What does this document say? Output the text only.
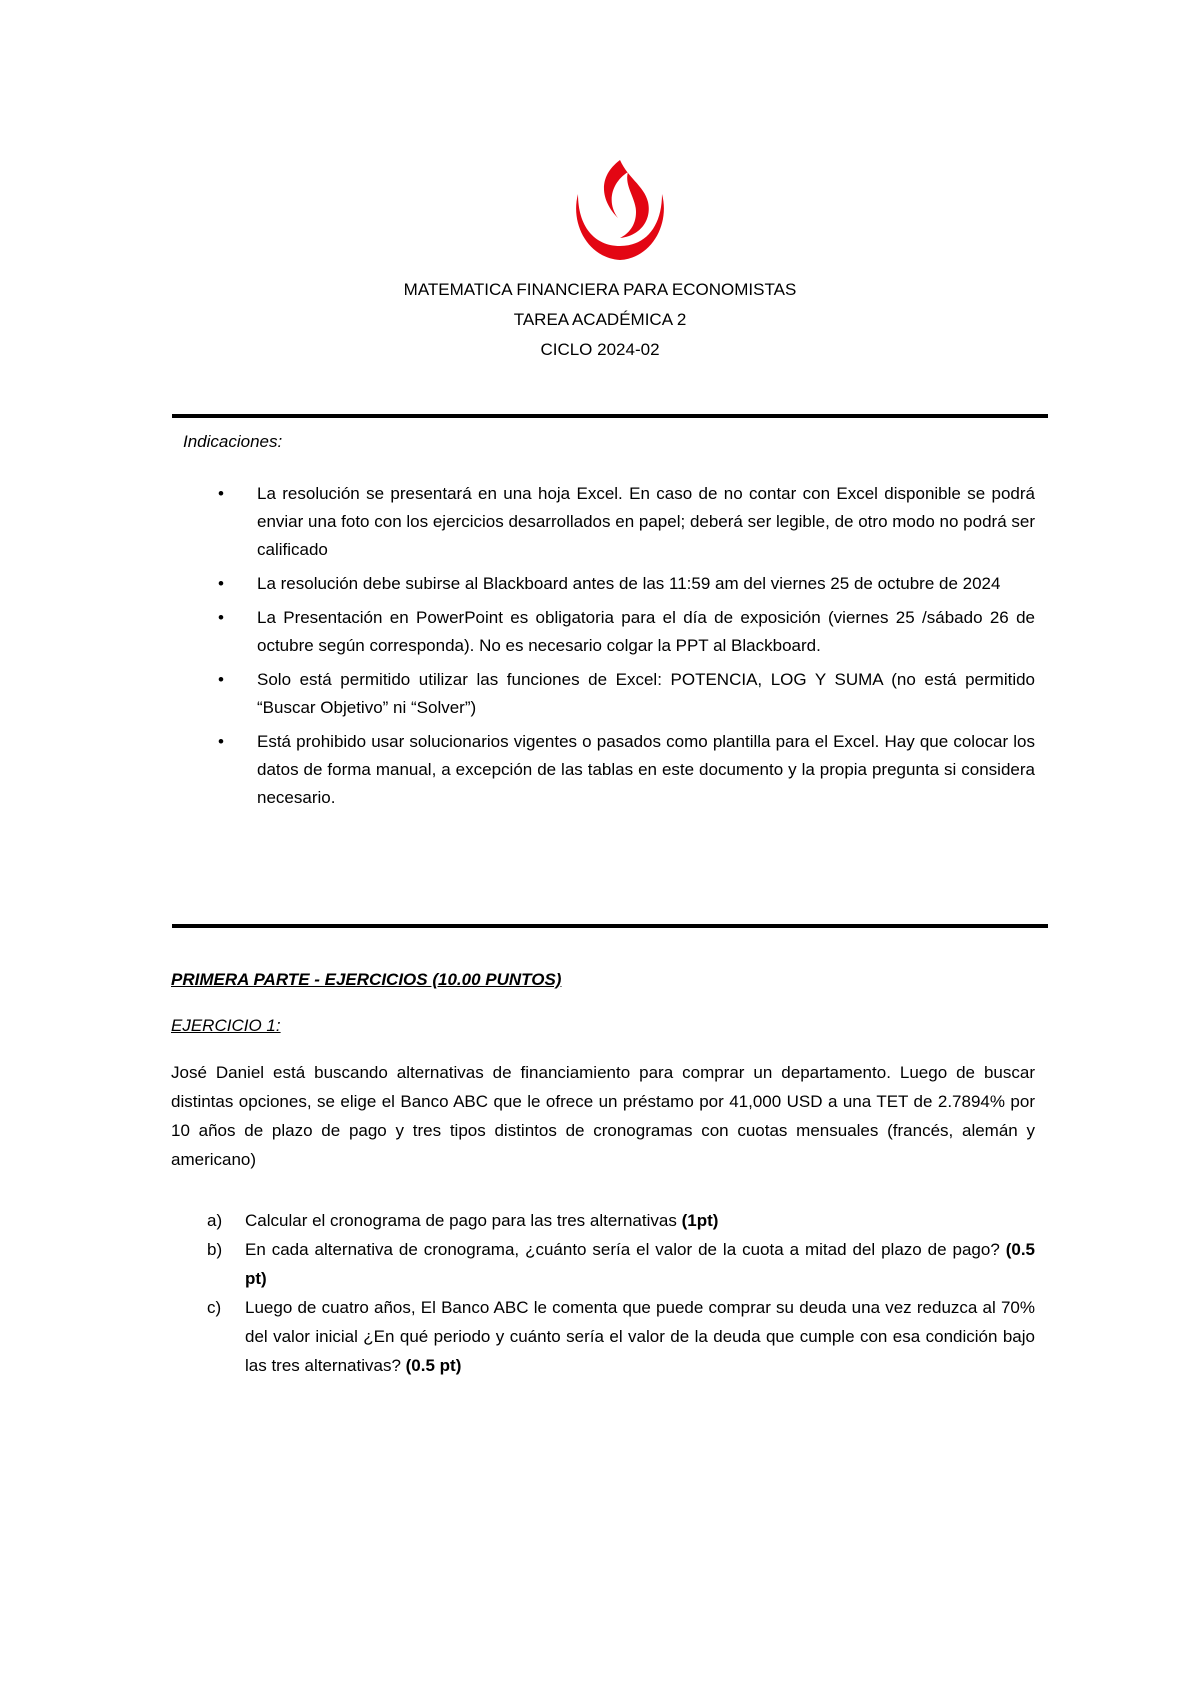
MATEMATICA FINANCIERA PARA ECONOMISTAS
TAREA ACADÉMICA 2
CICLO 2024-02
Indicaciones:
• La resolución se presentará en una hoja Excel. En caso de no contar con Excel disponible se podrá enviar una foto con los ejercicios desarrollados en papel; deberá ser legible, de otro modo no podrá ser calificado
• La resolución debe subirse al Blackboard antes de las 11:59 am del viernes 25 de octubre de 2024
• La Presentación en PowerPoint es obligatoria para el día de exposición (viernes 25 /sábado 26 de octubre según corresponda). No es necesario colgar la PPT al Blackboard.
• Solo está permitido utilizar las funciones de Excel: POTENCIA, LOG Y SUMA (no está permitido “Buscar Objetivo” ni “Solver”)
• Está prohibido usar solucionarios vigentes o pasados como plantilla para el Excel. Hay que colocar los datos de forma manual, a excepción de las tablas en este documento y la propia pregunta si considera necesario.
PRIMERA PARTE - EJERCICIOS (10.00 PUNTOS)
EJERCICIO 1:

José Daniel está buscando alternativas de financiamiento para comprar un departamento. Luego de buscar distintas opciones, se elige el Banco ABC que le ofrece un préstamo por 41,000 USD a una TET de 2.7894% por 10 años de plazo de pago y tres tipos distintos de cronogramas con cuotas mensuales (francés, alemán y americano)

a) Calcular el cronograma de pago para las tres alternativas (1pt)
b) En cada alternativa de cronograma, ¿cuánto sería el valor de la cuota a mitad del plazo de pago? (0.5 pt)
c) Luego de cuatro años, El Banco ABC le comenta que puede comprar su deuda una vez reduzca al 70% del valor inicial ¿En qué periodo y cuánto sería el valor de la deuda que cumple con esa condición bajo las tres alternativas? (0.5 pt)
